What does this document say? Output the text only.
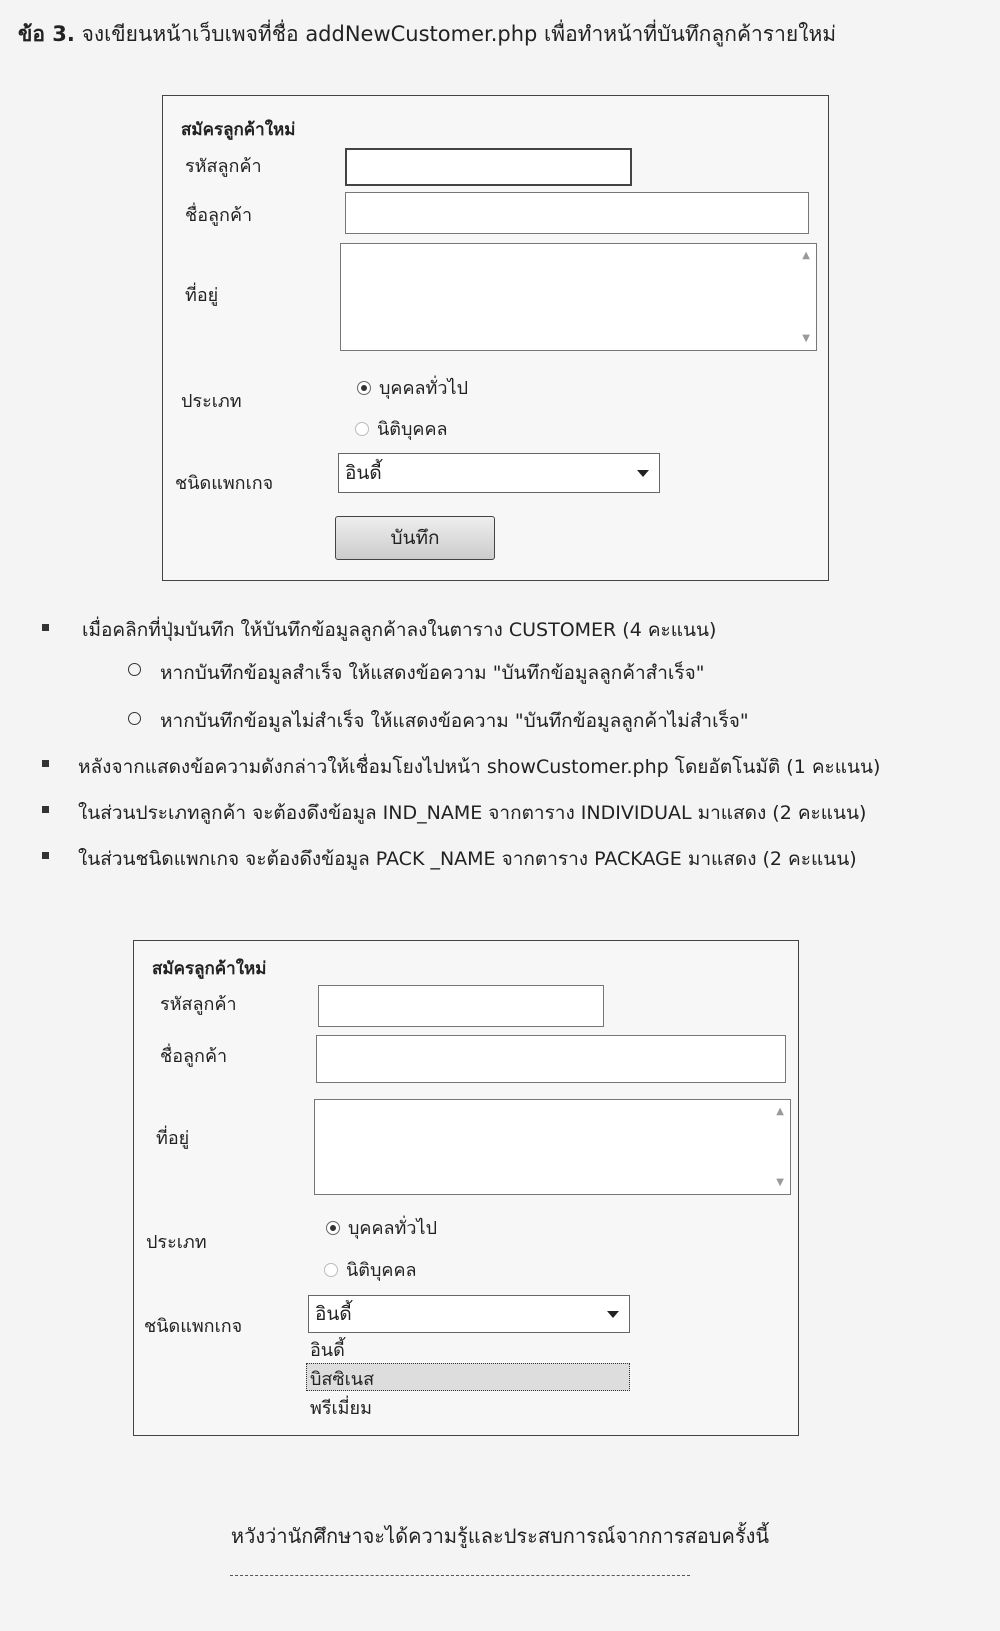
ข้อ 3. จงเขียนหน้าเว็บเพจที่ชื่อ addNewCustomer.php เพื่อทำหน้าที่บันทึกลูกค้ารายใหม่
สมัครลูกค้าใหม่
รหัสลูกค้า
ชื่อลูกค้า
ที่อยู่
▲
▼
ประเภท
บุคคลทั่วไป
นิติบุคคล
ชนิดแพกเกจ	อินดี้
บันทึก
เมื่อคลิกที่ปุ่มบันทึก ให้บันทึกข้อมูลลูกค้าลงในตาราง CUSTOMER (4 คะแนน)
หากบันทึกข้อมูลสำเร็จ ให้แสดงข้อความ "บันทึกข้อมูลลูกค้าสำเร็จ"
หากบันทึกข้อมูลไม่สำเร็จ ให้แสดงข้อความ "บันทึกข้อมูลลูกค้าไม่สำเร็จ"
หลังจากแสดงข้อความดังกล่าวให้เชื่อมโยงไปหน้า showCustomer.php โดยอัตโนมัติ (1 คะแนน)
ในส่วนประเภทลูกค้า จะต้องดึงข้อมูล IND_NAME จากตาราง INDIVIDUAL มาแสดง (2 คะแนน)
ในส่วนชนิดแพกเกจ จะต้องดึงข้อมูล PACK _NAME จากตาราง PACKAGE มาแสดง (2 คะแนน)
สมัครลูกค้าใหม่
รหัสลูกค้า
ชื่อลูกค้า
ที่อยู่
▲
▼
ประเภท
บุคคลทั่วไป
นิติบุคคล
ชนิดแพกเกจ
อินดี้
อินดี้
บิสซิเนส
พรีเมี่ยม
หวังว่านักศึกษาจะได้ความรู้และประสบการณ์จากการสอบครั้งนี้
